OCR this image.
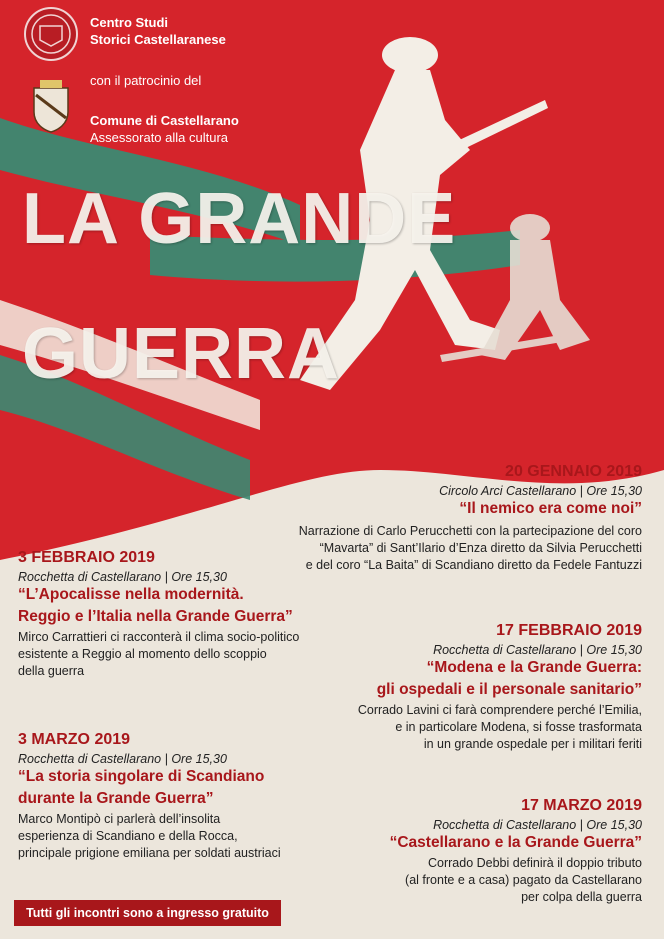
Centro Studi
Storici Castellaranese
con il patrocinio del
Comune di Castellarano
Assessorato alla cultura
LA GRANDE
GUERRA
20 GENNAIO 2019
Circolo Arci Castellarano | Ore 15,30
“Il nemico era come noi”
Narrazione di Carlo Perucchetti con la partecipazione del coro
“Mavarta” di Sant’Ilario d’Enza diretto da Silvia Perucchetti
e del coro “La Baita” di Scandiano diretto da Fedele Fantuzzi
3 FEBBRAIO 2019
Rocchetta di Castellarano | Ore 15,30
“L’Apocalisse nella modernità.
Reggio e l’Italia nella Grande Guerra”
Mirco Carrattieri ci racconterà il clima socio-politico
esistente a Reggio al momento dello scoppio
della guerra
17 FEBBRAIO 2019
Rocchetta di Castellarano | Ore 15,30
“Modena e la Grande Guerra:
gli ospedali e il personale sanitario”
Corrado Lavini ci farà comprendere perché l’Emilia,
e in particolare Modena, si fosse trasformata
in un grande ospedale per i militari feriti
3 MARZO 2019
Rocchetta di Castellarano | Ore 15,30
“La storia singolare di Scandiano
durante la Grande Guerra”
Marco Montipò ci parlerà dell’insolita
esperienza di Scandiano e della Rocca,
principale prigione emiliana per soldati austriaci
17 MARZO 2019
Rocchetta di Castellarano | Ore 15,30
“Castellarano e la Grande Guerra”
Corrado Debbi definirà il doppio tributo
(al fronte e a casa) pagato da Castellarano
per colpa della guerra
Tutti gli incontri sono a ingresso gratuito
